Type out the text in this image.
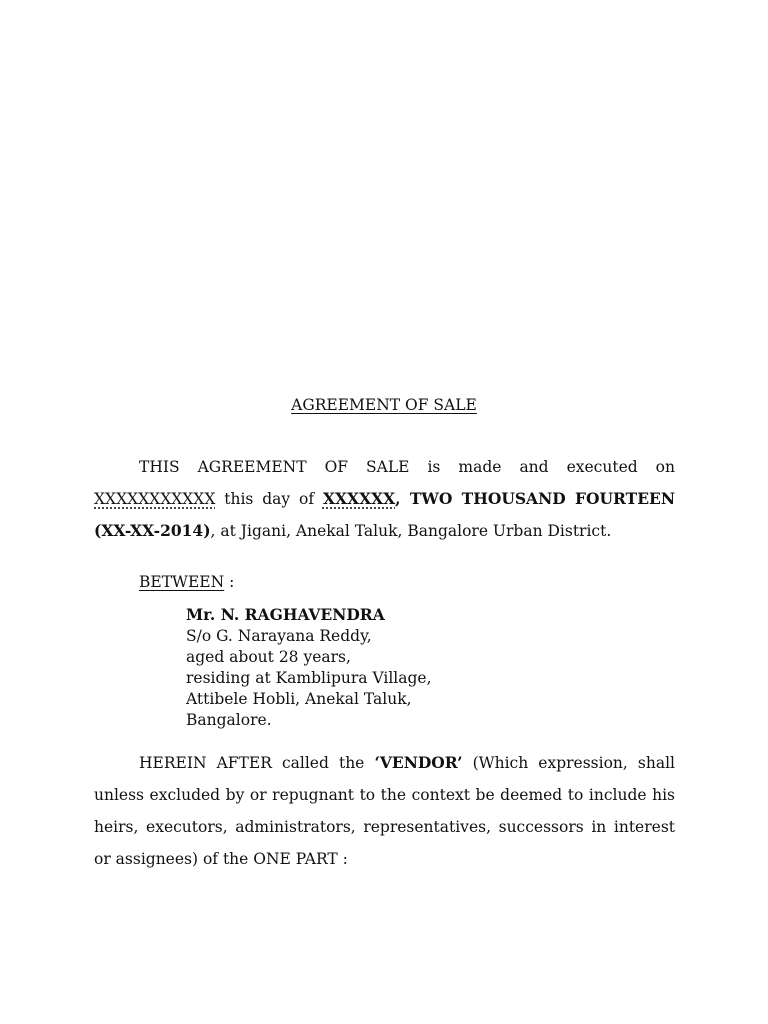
AGREEMENT OF SALE

THIS AGREEMENT OF SALE is made and executed on XXXXXXXXXXX this day of XXXXXX, TWO THOUSAND FOURTEEN (XX-XX-2014), at Jigani, Anekal Taluk, Bangalore Urban District.

BETWEEN :
Mr. N. RAGHAVENDRA
S/o G. Narayana Reddy,
aged about 28 years,
residing at Kamblipura Village,
Attibele Hobli, Anekal Taluk,
Bangalore.

HEREIN AFTER called the ‘VENDOR’ (Which expression, shall unless excluded by or repugnant to the context be deemed to include his heirs, executors, administrators, representatives, successors in interest or assignees) of the ONE PART :
